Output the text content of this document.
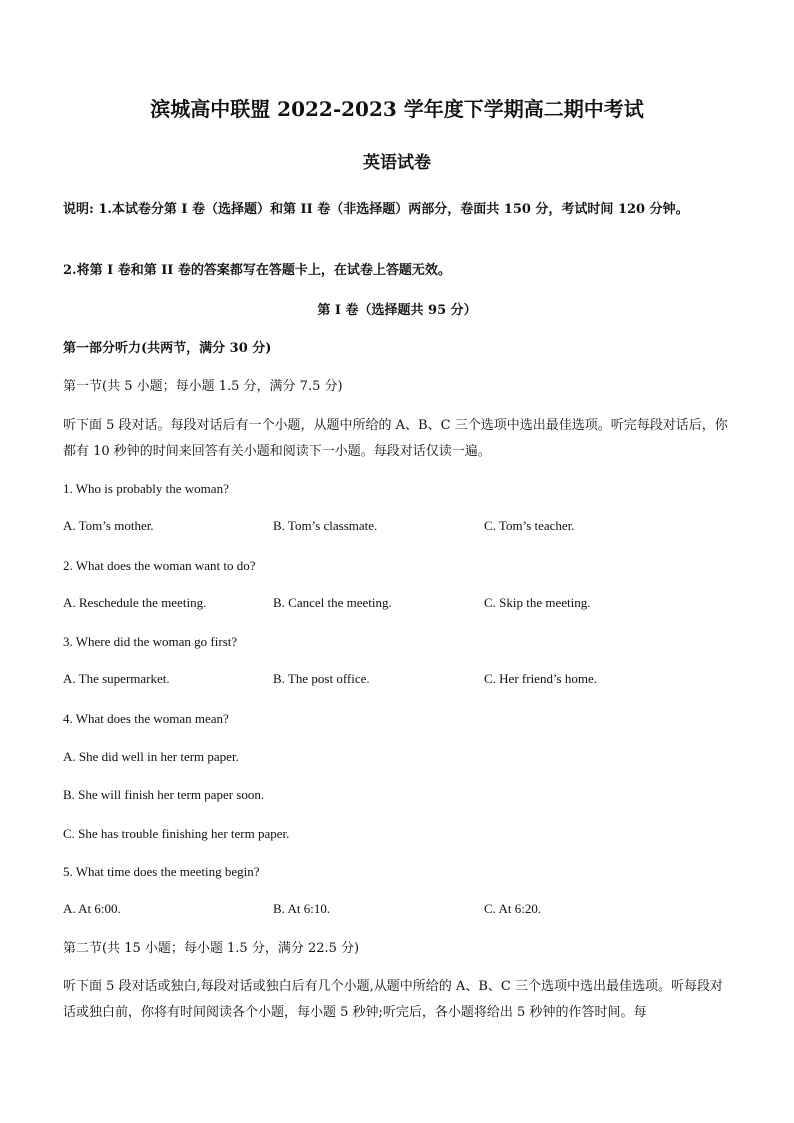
滨城高中联盟 2022-2023 学年度下学期高二期中考试
英语试卷
说明: 1.本试卷分第 I 卷（选择题）和第 II 卷（非选择题）两部分，卷面共 150 分，考试时间 120 分钟。
2.将第 I 卷和第 II 卷的答案都写在答题卡上，在试卷上答题无效。
第 I 卷（选择题共 95 分）
第一部分听力(共两节，满分 30 分)
第一节(共 5 小题；每小题 1.5 分，满分 7.5 分)
听下面 5 段对话。每段对话后有一个小题，从题中所给的 A、B、C 三个选项中选出最佳选项。听完每段对话后，你都有 10 秒钟的时间来回答有关小题和阅读下一小题。每段对话仅读一遍。
1. Who is probably the woman?
A. Tom’s mother.	B. Tom’s classmate.	C. Tom’s teacher.
2. What does the woman want to do?
A. Reschedule the meeting.	B. Cancel the meeting.	C. Skip the meeting.
3. Where did the woman go first?
A. The supermarket.	B. The post office.	C. Her friend’s home.
4. What does the woman mean?
A. She did well in her term paper.
B. She will finish her term paper soon.
C. She has trouble finishing her term paper.
5. What time does the meeting begin?
A. At 6:00.	B. At 6:10.	C. At 6:20.
第二节(共 15 小题；每小题 1.5 分，满分 22.5 分)
听下面 5 段对话或独白,每段对话或独白后有几个小题,从题中所给的 A、B、C 三个选项中选出最佳选项。听每段对话或独白前，你将有时间阅读各个小题，每小题 5 秒钟;听完后，各小题将给出 5 秒钟的作答时间。每
